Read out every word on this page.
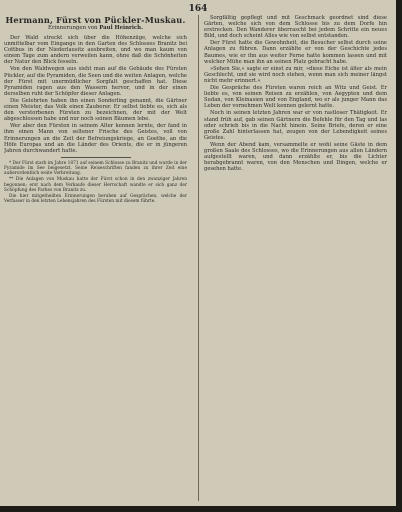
164
Hermann, Fürst von Pückler-Muskau.

Erinnerungen von Paul Heinrich.

Der Wald streckt sich über die Höhenzüge, welche sich unmittelbar vom Eingange in den Garten des Schlosses Branitz bei Cottbus in der Niederlausitz ausbreiten, und wo man kaum von einem Tage zum andern verweilen kann, ohne daß die Schönheiten der Natur den Blick fesseln.

Von den Waldwegen aus sieht man auf die Gebäude des Fürsten Pückler, auf die Pyramiden, die Seen und die weiten Anlagen, welche der Fürst mit unermüdlicher Sorgfalt geschaffen hat. Diese Pyramiden ragen aus den Wassern hervor, und in der einen derselben ruht der Schöpfer dieser Anlagen.

Die Gelehrten haben ihn einen Sonderling genannt, die Gärtner einen Meister, das Volk einen Zauberer. Er selbst liebte es, sich als den verstorbenen Fürsten zu bezeichnen, der mit der Welt abgeschlossen habe und nur noch seinen Bäumen lebe.

Wer aber den Fürsten in seinem Alter kennen lernte, der fand in ihm einen Mann von seltener Frische des Geistes, voll von Erinnerungen an die Zeit der Befreiungskriege, an Goethe, an die Höfe Europas und an die Länder des Orients, die er in jüngeren Jahren durchwandert hatte.

* Der Fürst starb im Jahre 1871 auf seinem Schlosse zu Branitz und wurde in der Pyramide im See beigesetzt. Seine Reiseschriften fanden zu ihrer Zeit eine außerordentlich weite Verbreitung.

** Die Anlagen von Muskau hatte der Fürst schon in den zwanziger Jahren begonnen; erst nach dem Verkaufe dieser Herrschaft wandte er sich ganz der Schöpfung des Parkes von Branitz zu.

Die hier mitgetheilten Erinnerungen beruhen auf Gesprächen, welche der Verfasser in den letzten Lebensjahren des Fürsten mit diesem führte.

Sorgfältig gepflegt und mit Geschmack geordnet sind diese Gärten, welche sich von dem Schlosse bis zu dem Dorfe hin erstrecken. Den Wanderer überrascht bei jedem Schritte ein neues Bild, und doch scheint Alles wie von selbst entstanden.

Der Fürst hatte die Gewohnheit, die Besucher selbst durch seine Anlagen zu führen. Dann erzählte er von der Geschichte jedes Baumes, wie er ihn aus weiter Ferne hatte kommen lassen und mit welcher Mühe man ihn an seinen Platz gebracht habe.

»Sehen Sie,« sagte er einst zu mir, »diese Eiche ist älter als mein Geschlecht, und sie wird noch stehen, wenn man sich meiner längst nicht mehr erinnert.«

Die Gespräche des Fürsten waren reich an Witz und Geist. Er liebte es, von seinen Reisen zu erzählen, von Aegypten und dem Sudan, von Kleinasien und von England, wo er als junger Mann das Leben der vornehmen Welt kennen gelernt hatte.

Noch in seinen letzten Jahren war er von rastloser Thätigkeit. Er stand früh auf, gab seinen Gärtnern die Befehle für den Tag und las oder schrieb bis in die Nacht hinein. Seine Briefe, deren er eine große Zahl hinterlassen hat, zeugen von der Lebendigkeit seines Geistes.

Wenn der Abend kam, versammelte er wohl seine Gäste in dem großen Saale des Schlosses, wo die Erinnerungen aus allen Ländern aufgestellt waren, und dann erzählte er, bis die Lichter herabgebrannt waren, von den Menschen und Dingen, welche er gesehen hatte.
